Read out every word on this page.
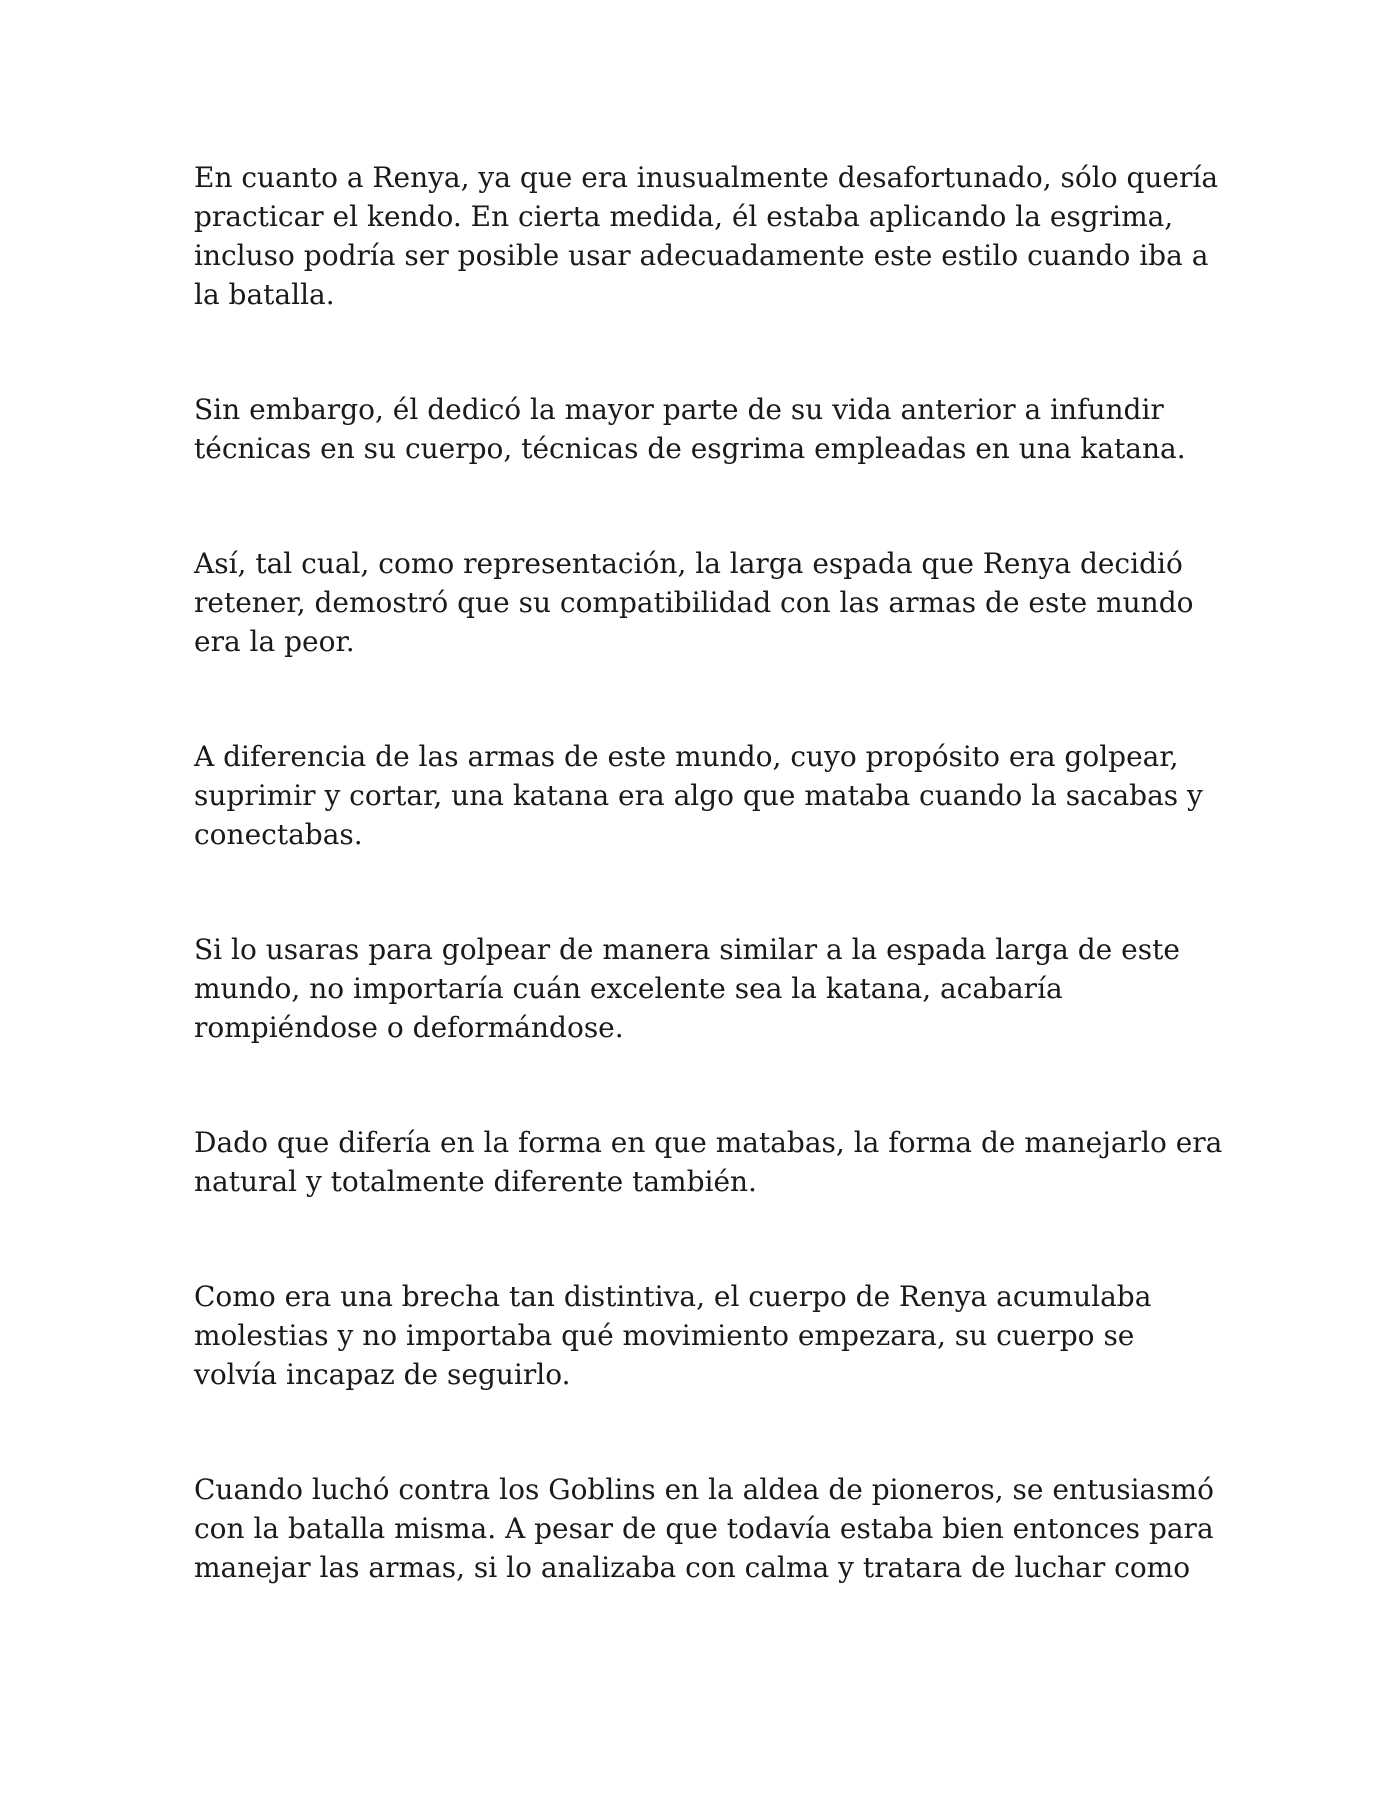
En cuanto a Renya, ya que era inusualmente desafortunado, sólo quería practicar el kendo. En cierta medida, él estaba aplicando la esgrima, incluso podría ser posible usar adecuadamente este estilo cuando iba a la batalla.

Sin embargo, él dedicó la mayor parte de su vida anterior a infundir técnicas en su cuerpo, técnicas de esgrima empleadas en una katana.

Así, tal cual, como representación, la larga espada que Renya decidió retener, demostró que su compatibilidad con las armas de este mundo era la peor.

A diferencia de las armas de este mundo, cuyo propósito era golpear, suprimir y cortar, una katana era algo que mataba cuando la sacabas y conectabas.

Si lo usaras para golpear de manera similar a la espada larga de este mundo, no importaría cuán excelente sea la katana, acabaría rompiéndose o deformándose.

Dado que difería en la forma en que matabas, la forma de manejarlo era natural y totalmente diferente también.

Como era una brecha tan distintiva, el cuerpo de Renya acumulaba molestias y no importaba qué movimiento empezara, su cuerpo se volvía incapaz de seguirlo.

Cuando luchó contra los Goblins en la aldea de pioneros, se entusiasmó con la batalla misma. A pesar de que todavía estaba bien entonces para manejar las armas, si lo analizaba con calma y tratara de luchar como
